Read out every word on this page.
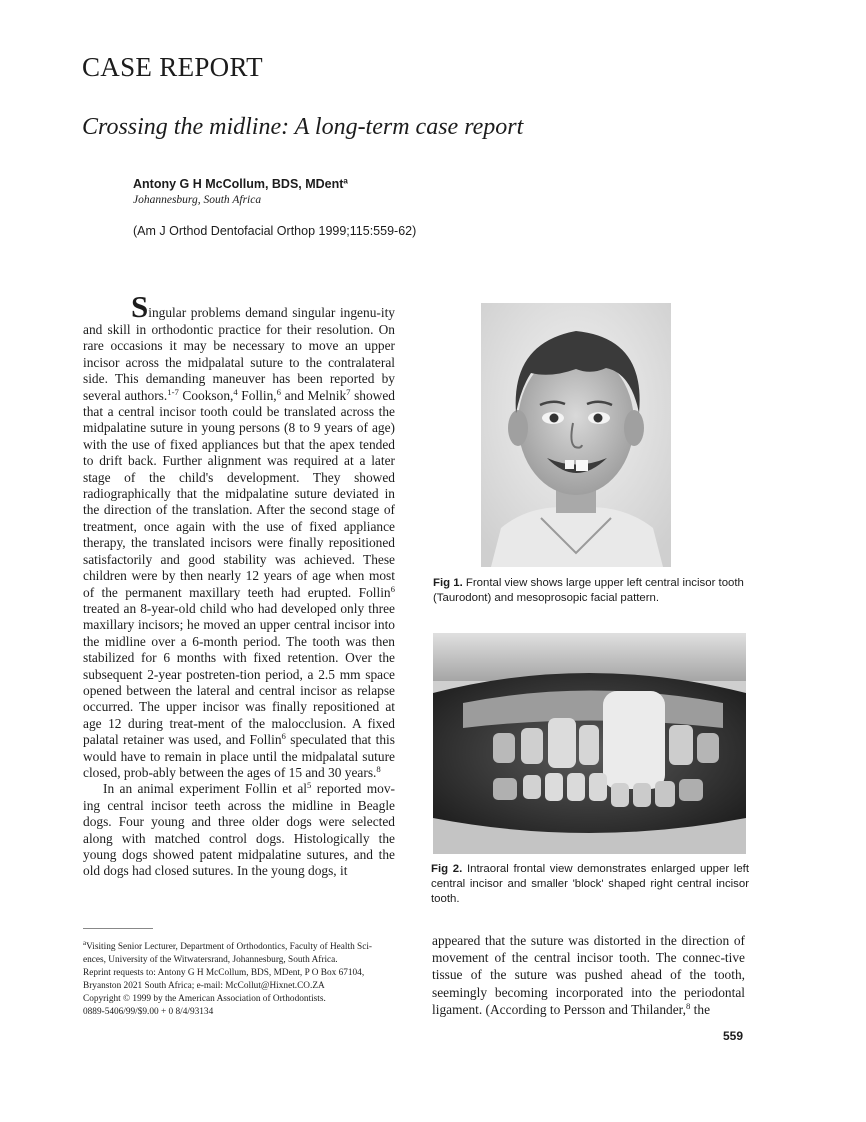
CASE REPORT
Crossing the midline: A long-term case report
Antony G H McCollum, BDS, MDent$^a$
Johannesburg, South Africa
(Am J Orthod Dentofacial Orthop 1999;115:559-62)

Singular problems demand singular ingenu-ity and skill in orthodontic practice for their resolution. On rare occasions it may be necessary to move an upper incisor across the midpalatal suture to the contralateral side. This demanding maneuver has been reported by several authors.$^{1-7}$ Cookson,$^4$ Follin,$^6$ and Melnik$^7$ showed that a central incisor tooth could be translated across the midpalatine suture in young persons (8 to 9 years of age) with the use of fixed appliances but that the apex tended to drift back. Further alignment was required at a later stage of the child's development. They showed radiographically that the midpalatine suture deviated in the direction of the translation. After the second stage of treatment, once again with the use of fixed appliance therapy, the translated incisors were finally repositioned satisfactorily and good stability was achieved. These children were by then nearly 12 years of age when most of the permanent maxillary teeth had erupted. Follin$^6$ treated an 8-year-old child who had developed only three maxillary incisors; he moved an upper central incisor into the midline over a 6-month period. The tooth was then stabilized for 6 months with fixed retention. Over the subsequent 2-year postreten-tion period, a 2.5 mm space opened between the lateral and central incisor as relapse occurred. The upper incisor was finally repositioned at age 12 during treat-ment of the malocclusion. A fixed palatal retainer was used, and Follin$^6$ speculated that this would have to remain in place until the midpalatal suture closed, prob-ably between the ages of 15 and 30 years.$^8$

In an animal experiment Follin et $al^5$ reported mov-ing central incisor teeth across the midline in Beagle dogs. Four young and three older dogs were selected along with matched control dogs. Histologically the young dogs showed patent midpalatine sutures, and the old dogs had closed sutures. In the young dogs, it

$^a$Visiting Senior Lecturer, Department of Orthodontics, Faculty of Health Sci-
ences, University of the Witwatersrand, Johannesburg, South Africa.
Reprint requests to: Antony G H McCollum, BDS, MDent, P O Box 67104,
Bryanston 2021 South Africa; e-mail: McCollut@Hixnet.CO.ZA
Copyright © 1999 by the American Association of Orthodontists.
0889-5406/99/$9.00 + 0 8/4/93134
Fig 1. Frontal view shows large upper left central incisor tooth (Taurodont) and mesoprosopic facial pattern.
Fig 2. Intraoral frontal view demonstrates enlarged upper left central incisor and smaller 'block' shaped right central incisor tooth.

appeared that the suture was distorted in the direction of movement of the central incisor tooth. The connec-tive tissue of the suture was pushed ahead of the tooth, seemingly becoming incorporated into the periodontal ligament. (According to Persson and Thilander,$^8$ the

559
